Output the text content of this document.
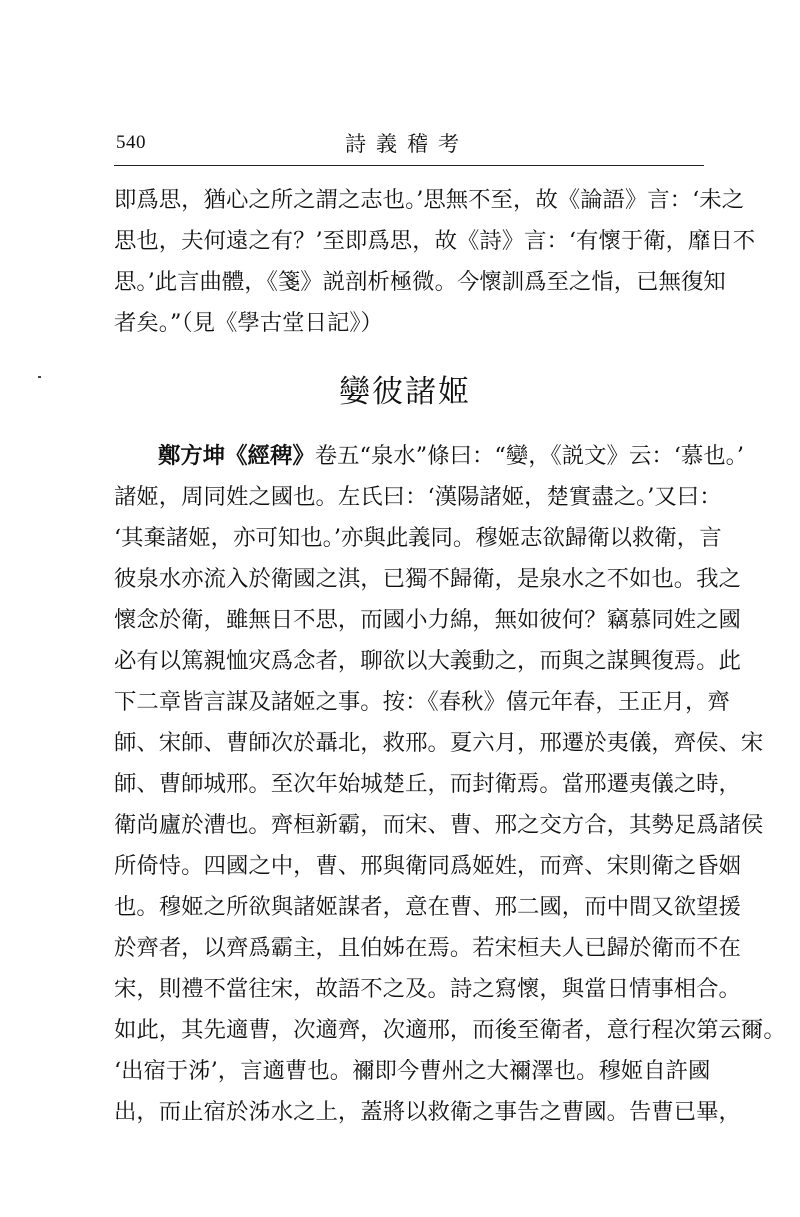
540	詩義稽考
即爲思，猶心之所之謂之志也。’思無不至，故《論語》言：‘未之
思也，夫何遠之有？’至即爲思，故《詩》言：‘有懷于衛，靡日不
思。’此言曲體，《箋》説剖析極微。今懷訓爲至之恉，已無復知
者矣。”（見《學古堂日記》）
孌彼諸姬
鄭方坤《經稗》卷五“泉水”條曰：“孌，《説文》云：‘慕也。’
諸姬，周同姓之國也。左氏曰：‘漢陽諸姬，楚實盡之。’又曰：
‘其棄諸姬，亦可知也。’亦與此義同。穆姬志欲歸衛以救衛，言
彼泉水亦流入於衛國之淇，已獨不歸衛，是泉水之不如也。我之
懷念於衛，雖無日不思，而國小力綿，無如彼何？竊慕同姓之國
必有以篤親恤灾爲念者，聊欲以大義動之，而與之謀興復焉。此
下二章皆言謀及諸姬之事。按：《春秋》僖元年春，王正月，齊
師、宋師、曹師次於聶北，救邢。夏六月，邢遷於夷儀，齊侯、宋
師、曹師城邢。至次年始城楚丘，而封衛焉。當邢遷夷儀之時，
衛尚廬於漕也。齊桓新霸，而宋、曹、邢之交方合，其勢足爲諸侯
所倚恃。四國之中，曹、邢與衛同爲姬姓，而齊、宋則衛之昏姻
也。穆姬之所欲與諸姬謀者，意在曹、邢二國，而中間又欲望援
於齊者，以齊爲霸主，且伯姊在焉。若宋桓夫人已歸於衛而不在
宋，則禮不當往宋，故語不之及。詩之寫懷，與當日情事相合。
如此，其先適曹，次適齊，次適邢，而後至衛者，意行程次第云爾。
‘出宿于泲’，言適曹也。禰即今曹州之大禰澤也。穆姬自許國
出，而止宿於泲水之上，蓋將以救衛之事告之曹國。告曹已畢，
